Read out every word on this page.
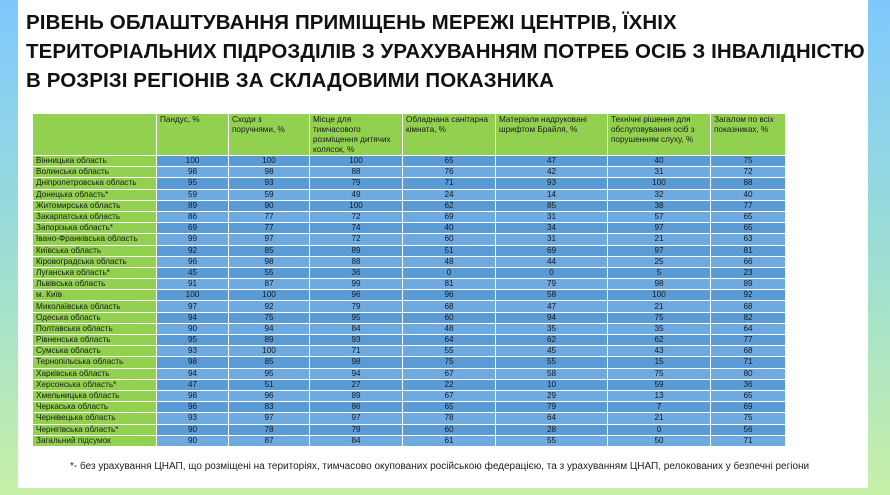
РІВЕНЬ ОБЛАШТУВАННЯ ПРИМІЩЕНЬ МЕРЕЖІ ЦЕНТРІВ, ЇХНІХ ТЕРИТОРІАЛЬНИХ ПІДРОЗДІЛІВ З УРАХУВАННЯМ ПОТРЕБ ОСІБ З ІНВАЛІДНІСТЮ В РОЗРІЗІ РЕГІОНІВ ЗА СКЛАДОВИМИ ПОКАЗНИКА
*- без урахування ЦНАП, що розміщені на територіях, тимчасово окупованих російською федерацією, та з урахуванням ЦНАП, релокованих у безпечні регіони
	Пандус, %	Сходи з поручнями, %	Місце для тимчасового розміщення дитячих колясок, %	Обладнана санітарна кімната, %	Матеріали надруковані шрифтом Брайля, %	Технічні рішення для обслуговування осіб з порушенням слуху, %	Загалом по всіх показниках, %
Вінницька область	100	100	100	65	47	40	75
Волинська область	98	98	88	76	42	31	72
Дніпропетровська область	95	93	79	71	93	100	88
Донецька область*	59	59	49	24	14	32	40
Житомирська область	89	90	100	62	85	38	77
Закарпатська область	86	77	72	69	31	57	65
Запорізька область*	69	77	74	40	34	97	65
Івано-Франківська область	99	97	72	60	31	21	63
Київська область	92	85	89	51	69	97	81
Кіровоградська область	96	98	88	48	44	25	66
Луганська область*	45	55	36	0	0	5	23
Львівська область	91	87	99	81	79	98	89
м. Київ	100	100	96	96	58	100	92
Миколаївська область	97	92	79	68	47	21	68
Одеська область	94	75	95	60	94	75	82
Полтавська область	90	94	84	48	35	35	64
Рівненська область	95	89	93	64	62	62	77
Сумська область	93	100	71	55	45	43	68
Тернопільська область	98	85	98	75	55	15	71
Харківська область	94	95	94	67	58	75	80
Херсонська область*	47	51	27	22	10	59	36
Хмельницька область	98	96	89	67	29	13	65
Черкаська область	96	83	86	65	79	7	69
Чернівецька область	93	97	97	78	64	21	75
Чернігівська область*	90	78	79	60	28	0	56
Загальний підсумок	90	87	84	61	55	50	71
